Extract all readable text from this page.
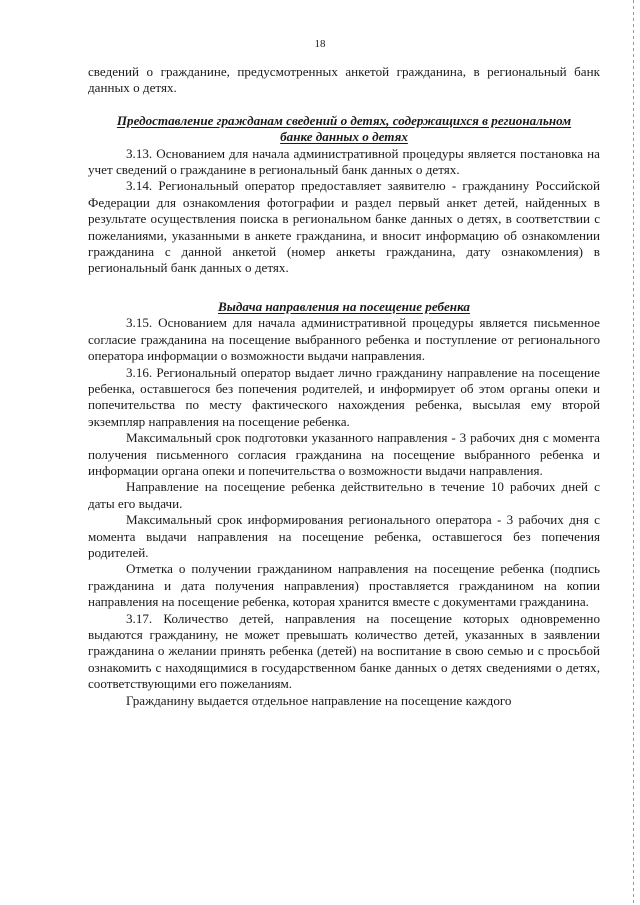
18

сведений о гражданине, предусмотренных анкетой гражданина, в региональный банк данных о детях.

Предоставление гражданам сведений о детях, содержащихся в региональном банке данных о детях

3.13. Основанием для начала административной процедуры является постановка на учет сведений о гражданине в региональный банк данных о детях.

3.14. Региональный оператор предоставляет заявителю - гражданину Российской Федерации для ознакомления фотографии и раздел первый анкет детей, найденных в результате осуществления поиска в региональном банке данных о детях, в соответствии с пожеланиями, указанными в анкете гражданина, и вносит информацию об ознакомлении гражданина с данной анкетой (номер анкеты гражданина, дату ознакомления) в региональный банк данных о детях.

Выдача направления на посещение ребенка

3.15. Основанием для начала административной процедуры является письменное согласие гражданина на посещение выбранного ребенка и поступление от регионального оператора информации о возможности выдачи направления.

3.16. Региональный оператор выдает лично гражданину направление на посещение ребенка, оставшегося без попечения родителей, и информирует об этом органы опеки и попечительства по месту фактического нахождения ребенка, высылая ему второй экземпляр направления на посещение ребенка.

Максимальный срок подготовки указанного направления - 3 рабочих дня с момента получения письменного согласия гражданина на посещение выбранного ребенка и информации органа опеки и попечительства о возможности выдачи направления.

Направление на посещение ребенка действительно в течение 10 рабочих дней с даты его выдачи.

Максимальный срок информирования регионального оператора - 3 рабочих дня с момента выдачи направления на посещение ребенка, оставшегося без попечения родителей.

Отметка о получении гражданином направления на посещение ребенка (подпись гражданина и дата получения направления) проставляется гражданином на копии направления на посещение ребенка, которая хранится вместе с документами гражданина.

3.17. Количество детей, направления на посещение которых одновременно выдаются гражданину, не может превышать количество детей, указанных в заявлении гражданина о желании принять ребенка (детей) на воспитание в свою семью и с просьбой ознакомить с находящимися в государственном банке данных о детях сведениями о детях, соответствующими его пожеланиям.

Гражданину выдается отдельное направление на посещение каждого
